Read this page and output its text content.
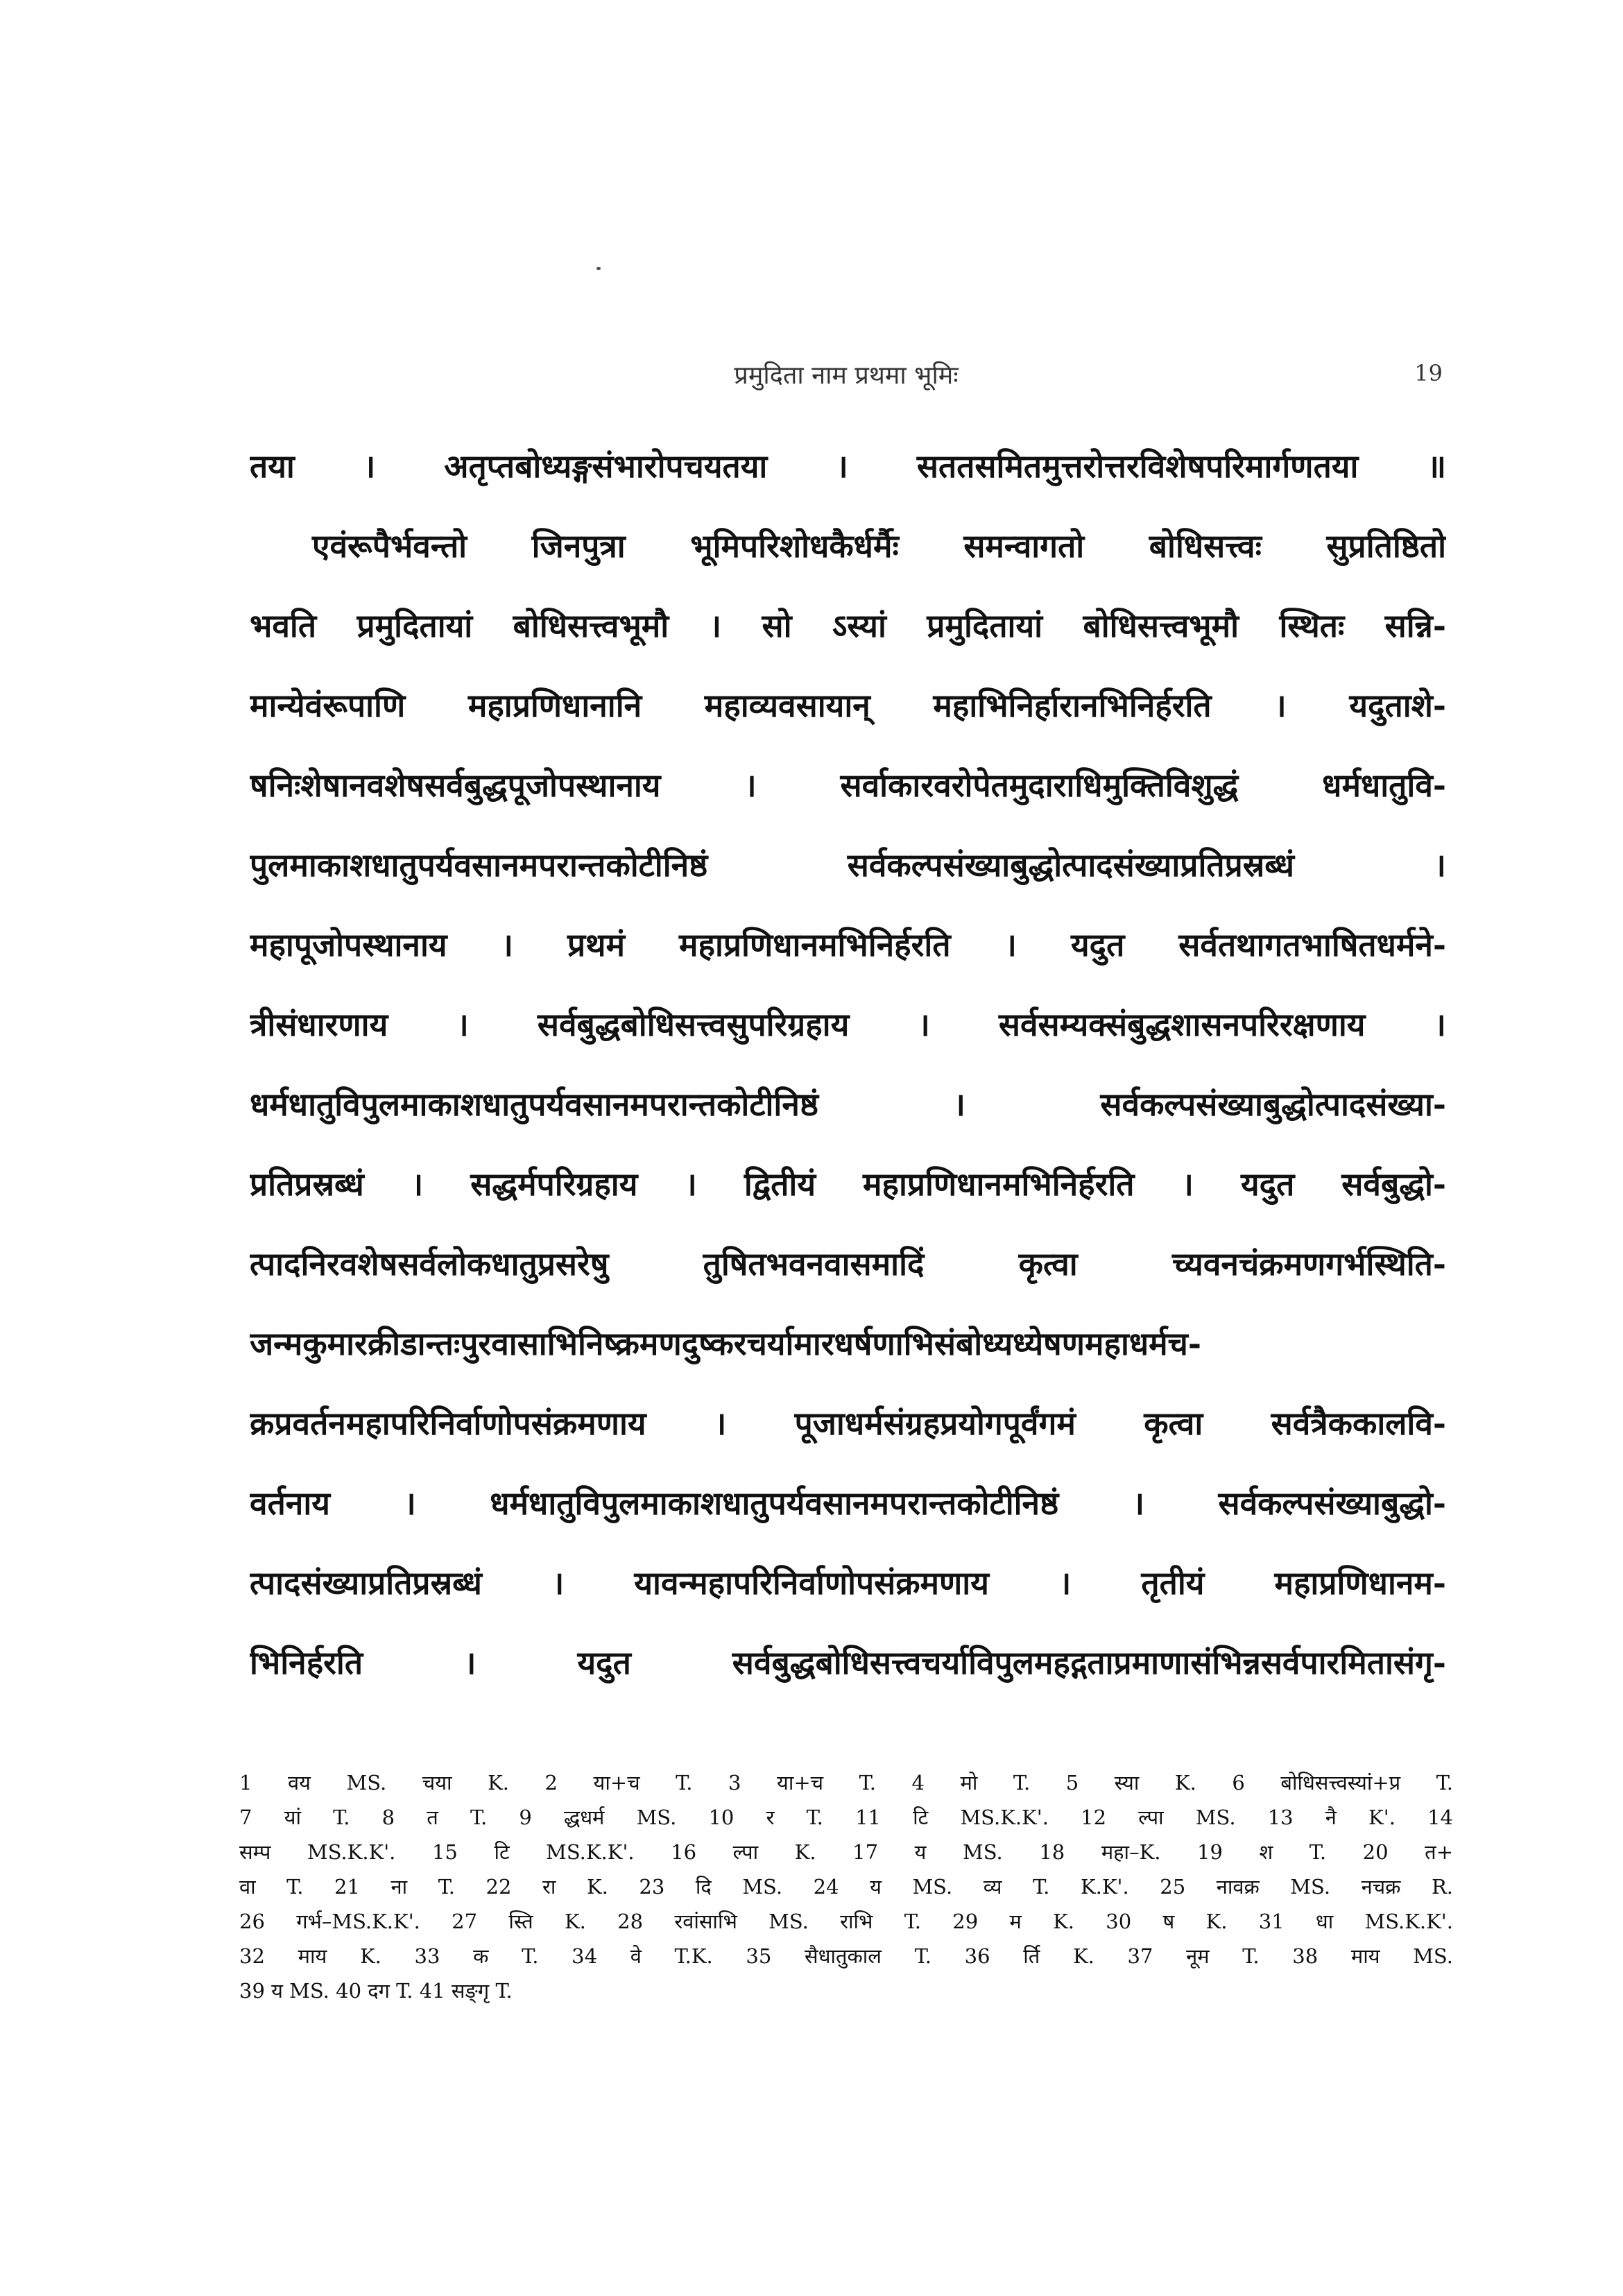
प्रमुदिता नाम प्रथमा भूमिः	19
तया । अतृप्तबोध्यङ्गसंभारोपचयतया । सततसमितमुत्तरोत्तरविशेषपरिमार्गणतया ॥
एवंरूपैर्भवन्तो जिनपुत्रा भूमिपरिशोधकैर्धर्मैः समन्वागतो बोधिसत्त्वः सुप्रतिष्ठितो
भवति प्रमुदितायां बोधिसत्त्वभूमौ । सो ऽस्यां प्रमुदितायां बोधिसत्त्वभूमौ स्थितः सन्नि-
मान्येवंरूपाणि महाप्रणिधानानि महाव्यवसायान् महाभिनिर्हारानभिनिर्हरति । यदुताशे-
षनिःशेषानवशेषसर्वबुद्धपूजोपस्थानाय । सर्वाकारवरोपेतमुदाराधिमुक्तिविशुद्धं धर्मधातुवि-
पुलमाकाशधातुपर्यवसानमपरान्तकोटीनिष्ठं सर्वकल्पसंख्याबुद्धोत्पादसंख्याप्रतिप्रस्रब्धं ।
महापूजोपस्थानाय । प्रथमं महाप्रणिधानमभिनिर्हरति । यदुत सर्वतथागतभाषितधर्मने-
त्रीसंधारणाय । सर्वबुद्धबोधिसत्त्वसुपरिग्रहाय । सर्वसम्यक्संबुद्धशासनपरिरक्षणाय ।
धर्मधातुविपुलमाकाशधातुपर्यवसानमपरान्तकोटीनिष्ठं । सर्वकल्पसंख्याबुद्धोत्पादसंख्या-
प्रतिप्रस्रब्धं । सद्धर्मपरिग्रहाय । द्वितीयं महाप्रणिधानमभिनिर्हरति । यदुत सर्वबुद्धो-
त्पादनिरवशेषसर्वलोकधातुप्रसरेषु तुषितभवनवासमादिं कृत्वा च्यवनचंक्रमणगर्भस्थिति-
जन्मकुमारक्रीडान्तःपुरवासाभिनिष्क्रमणदुष्करचर्यामारधर्षणाभिसंबोध्यध्येषणमहाधर्मच-
क्रप्रवर्तनमहापरिनिर्वाणोपसंक्रमणाय । पूजाधर्मसंग्रहप्रयोगपूर्वंगमं कृत्वा सर्वत्रैककालवि-
वर्तनाय । धर्मधातुविपुलमाकाशधातुपर्यवसानमपरान्तकोटीनिष्ठं । सर्वकल्पसंख्याबुद्धो-
त्पादसंख्याप्रतिप्रस्रब्धं । यावन्महापरिनिर्वाणोपसंक्रमणाय । तृतीयं महाप्रणिधानम-
भिनिर्हरति । यदुत सर्वबुद्धबोधिसत्त्वचर्याविपुलमहद्गताप्रमाणासंभिन्नसर्वपारमितासंगृ-
1 वय MS. चया K. 2 या+च T. 3 या+च T. 4 मो T. 5 स्या K. 6 बोधिसत्त्वस्यां+प्र T.
7 यां T. 8 त T. 9 द्धधर्म MS. 10 र T. 11 टि MS.K.K'. 12 ल्पा MS. 13 नै K'. 14
सम्प MS.K.K'. 15 टि MS.K.K'. 16 ल्पा K. 17 य MS. 18 महा–K. 19 श T. 20 त+
वा T. 21 ना T. 22 रा K. 23 दि MS. 24 य MS. व्य T. K.K'. 25 नावक्र MS. नचक्र R.
26 गर्भ–MS.K.K'. 27 स्ति K. 28 रवांसाभि MS. राभि T. 29 म K. 30 ष K. 31 धा MS.K.K'.
32 माय K. 33 क T. 34 वे T.K. 35 सैधातुकाल T. 36 र्ति K. 37 नूम T. 38 माय MS.
39 य MS. 40 दग T. 41 सङ्गृ T.
